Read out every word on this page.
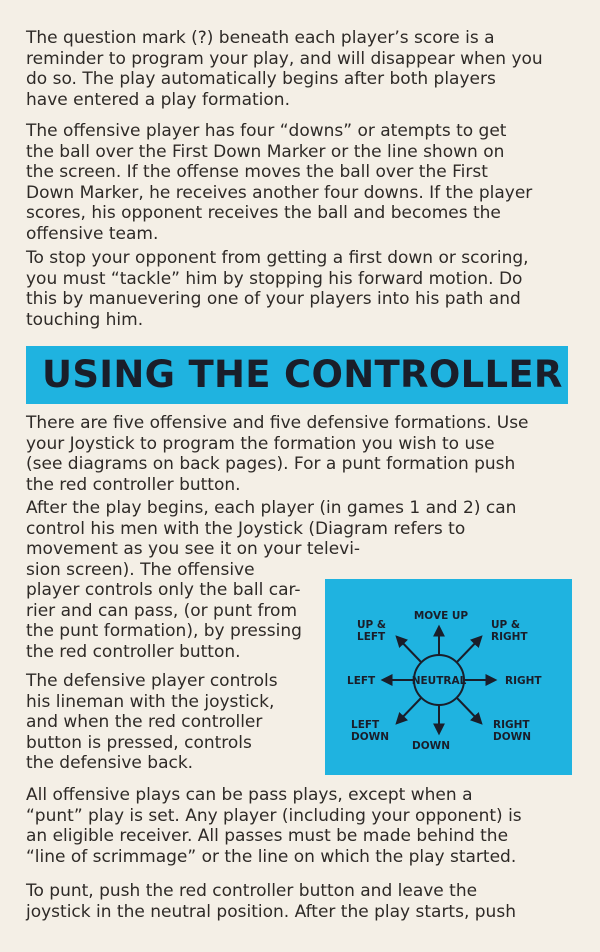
The question mark (?) beneath each player’s score is a
reminder to program your play, and will disappear when you
do so. The play automatically begins after both players
have entered a play formation.

The offensive player has four “downs” or atempts to get
the ball over the First Down Marker or the line shown on
the screen. If the offense moves the ball over the First
Down Marker, he receives another four downs. If the player
scores, his opponent receives the ball and becomes the
offensive team.

To stop your opponent from getting a first down or scoring,
you must “tackle” him by stopping his forward motion. Do
this by manuevering one of your players into his path and
touching him.

USING THE CONTROLLER

There are five offensive and five defensive formations. Use
your Joystick to program the formation you wish to use
(see diagrams on back pages). For a punt formation push
the red controller button.

After the play begins, each player (in games 1 and 2) can
control his men with the Joystick (Diagram refers to
movement as you see it on your televi-
sion screen). The offensive
player controls only the ball car-
rier and can pass, (or punt from
the punt formation), by pressing
the red controller button.

The defensive player controls
his lineman with the joystick,
and when the red controller
button is pressed, controls
the defensive back.

All offensive plays can be pass plays, except when a
“punt” play is set. Any player (including your opponent) is
an eligible receiver. All passes must be made behind the
“line of scrimmage” or the line on which the play started.

To punt, push the red controller button and leave the
joystick in the neutral position. After the play starts, push

NEUTRAL
MOVE UP
DOWN
LEFT	RIGHT
UP &
LEFT
UP &
RIGHT
LEFT
DOWN
RIGHT
DOWN
